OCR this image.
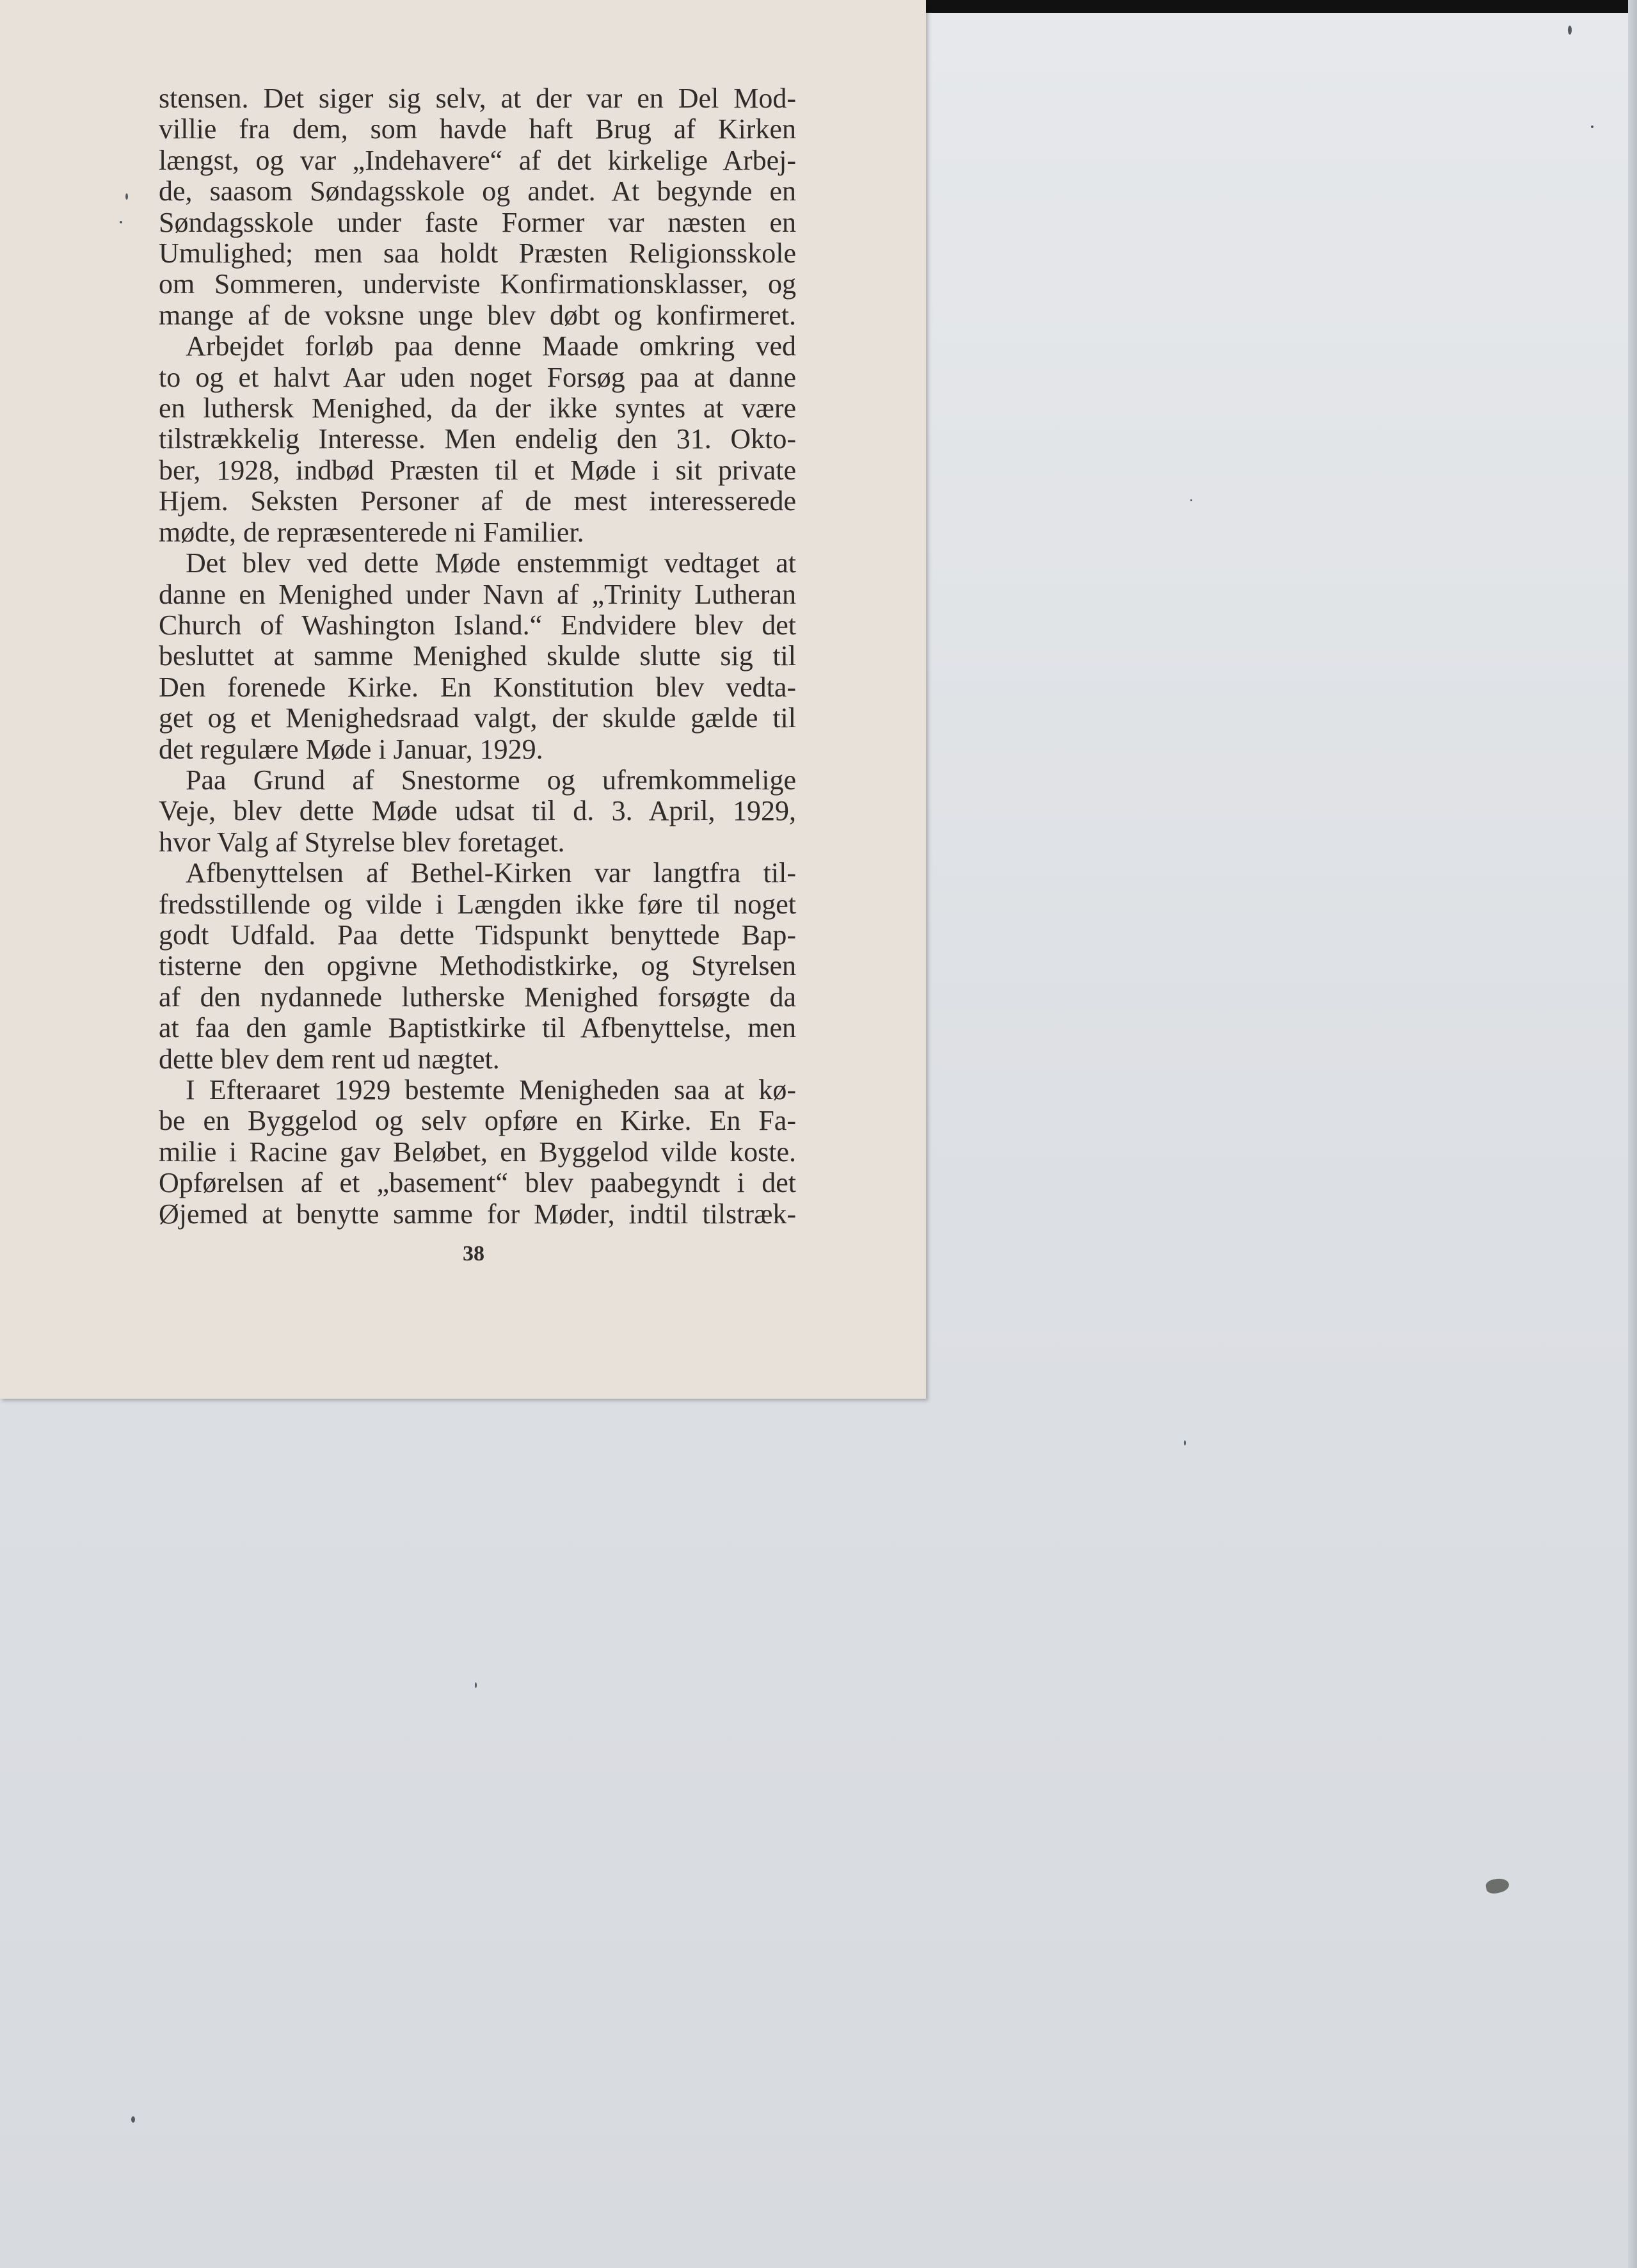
stensen. Det siger sig selv, at der var en Del Mod-
villie fra dem, som havde haft Brug af Kirken
længst, og var „Indehavere“ af det kirkelige Arbej-
de, saasom Søndagsskole og andet. At begynde en
Søndagsskole under faste Former var næsten en
Umulighed; men saa holdt Præsten Religionsskole
om Sommeren, underviste Konfirmationsklasser, og
mange af de voksne unge blev døbt og konfirmeret.
Arbejdet forløb paa denne Maade omkring ved
to og et halvt Aar uden noget Forsøg paa at danne
en luthersk Menighed, da der ikke syntes at være
tilstrækkelig Interesse. Men endelig den 31. Okto-
ber, 1928, indbød Præsten til et Møde i sit private
Hjem. Seksten Personer af de mest interesserede
mødte, de repræsenterede ni Familier.
Det blev ved dette Møde enstemmigt vedtaget at
danne en Menighed under Navn af „Trinity Lutheran
Church of Washington Island.“ Endvidere blev det
besluttet at samme Menighed skulde slutte sig til
Den forenede Kirke. En Konstitution blev vedta-
get og et Menighedsraad valgt, der skulde gælde til
det regulære Møde i Januar, 1929.
Paa Grund af Snestorme og ufremkommelige
Veje, blev dette Møde udsat til d. 3. April, 1929,
hvor Valg af Styrelse blev foretaget.
Afbenyttelsen af Bethel-Kirken var langtfra til-
fredsstillende og vilde i Længden ikke føre til noget
godt Udfald. Paa dette Tidspunkt benyttede Bap-
tisterne den opgivne Methodistkirke, og Styrelsen
af den nydannede lutherske Menighed forsøgte da
at faa den gamle Baptistkirke til Afbenyttelse, men
dette blev dem rent ud nægtet.
I Efteraaret 1929 bestemte Menigheden saa at kø-
be en Byggelod og selv opføre en Kirke. En Fa-
milie i Racine gav Beløbet, en Byggelod vilde koste.
Opførelsen af et „basement“ blev paabegyndt i det
Øjemed at benytte samme for Møder, indtil tilstræk-
38
